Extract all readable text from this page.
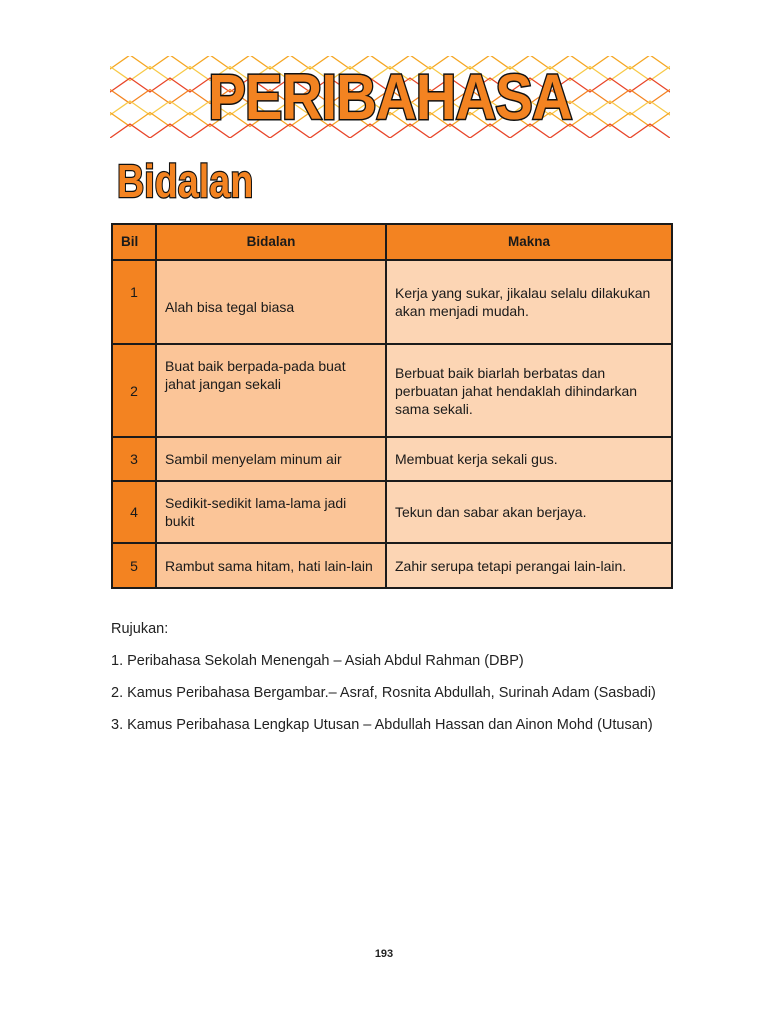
PERIBAHASA
Bidalan
Bil	Bidalan	Makna
1	Alah bisa tegal biasa	Kerja yang sukar, jikalau selalu dilakukan akan menjadi mudah.
2	Buat baik berpada-pada buat jahat jangan sekali	Berbuat baik biarlah berbatas dan perbuatan jahat hendaklah dihindarkan sama sekali.
3	Sambil menyelam minum air	Membuat kerja sekali gus.
4	Sedikit-sedikit lama-lama jadi bukit	Tekun dan sabar akan berjaya.
5	Rambut sama hitam, hati lain-lain	Zahir serupa tetapi perangai lain-lain.
Rujukan:
1. Peribahasa Sekolah Menengah – Asiah Abdul Rahman (DBP)
2. Kamus Peribahasa Bergambar.– Asraf, Rosnita Abdullah, Surinah Adam (Sasbadi)
3. Kamus Peribahasa Lengkap Utusan – Abdullah Hassan dan Ainon Mohd (Utusan)
193
